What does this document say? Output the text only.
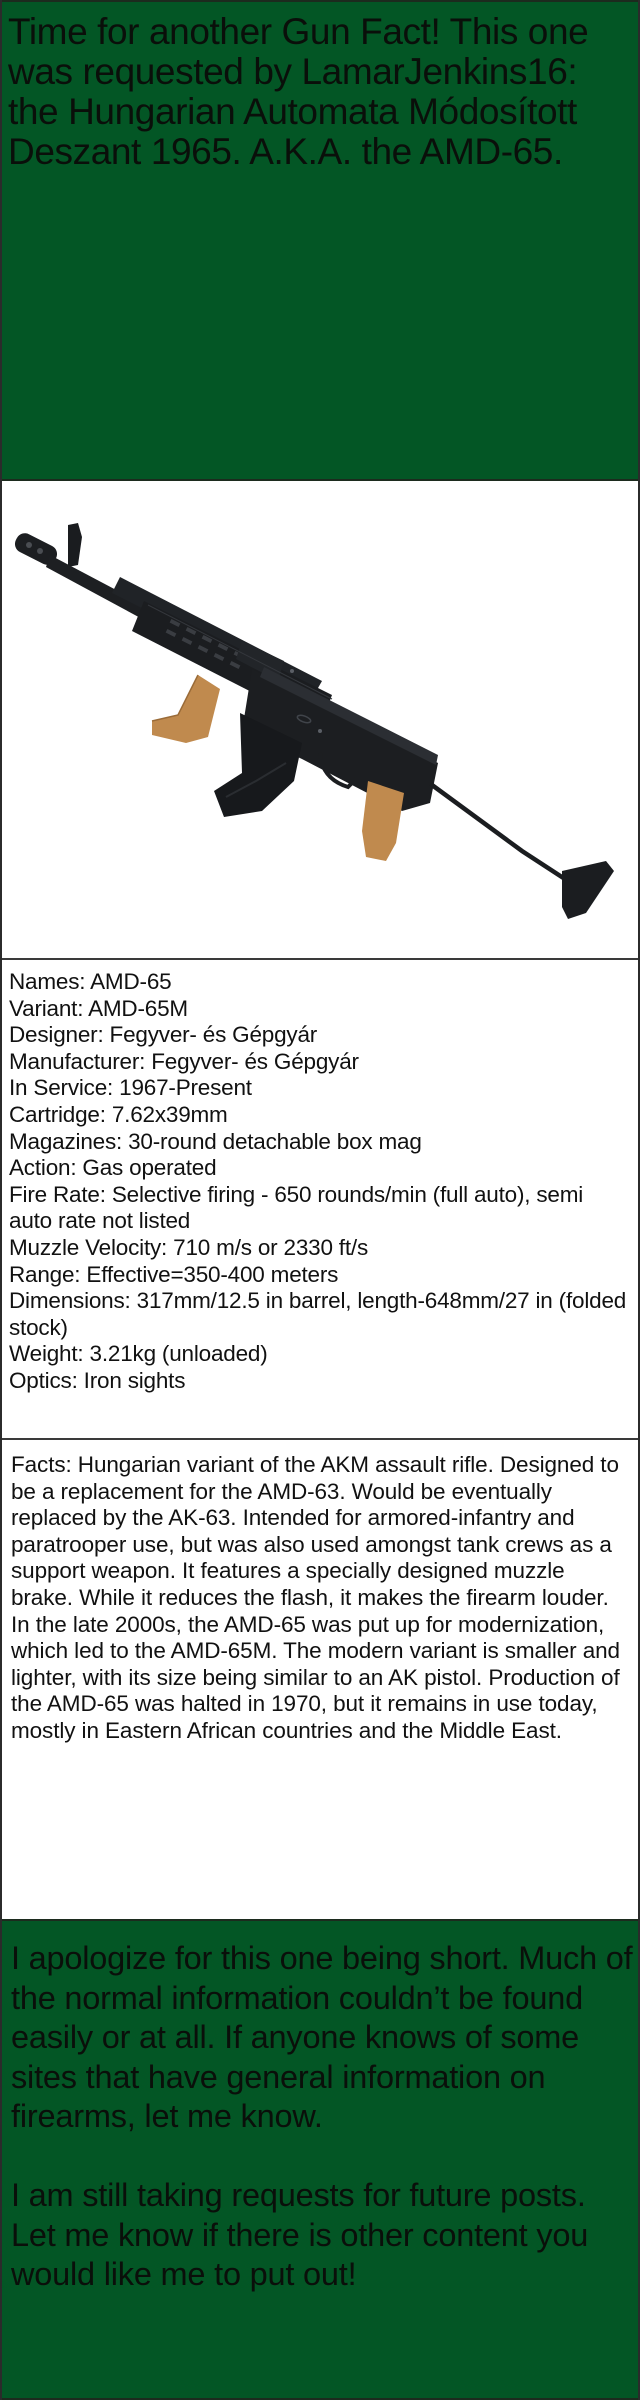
Time for another Gun Fact! This one was requested by LamarJenkins16: the Hungarian Automata Módosított Deszant 1965. A.K.A. the AMD-65.
Names: AMD-65
Variant: AMD-65M
Designer: Fegyver- és Gépgyár
Manufacturer: Fegyver- és Gépgyár
In Service: 1967-Present
Cartridge: 7.62x39mm
Magazines: 30-round detachable box mag
Action: Gas operated
Fire Rate: Selective firing - 650 rounds/min (full auto), semi auto rate not listed
Muzzle Velocity: 710 m/s or 2330 ft/s
Range: Effective=350-400 meters
Dimensions: 317mm/12.5 in barrel, length-648mm/27 in (folded stock)
Weight: 3.21kg (unloaded)
Optics: Iron sights
Facts: Hungarian variant of the AKM assault rifle. Designed to be a replacement for the AMD-63. Would be eventually replaced by the AK-63. Intended for armored-infantry and paratrooper use, but was also used amongst tank crews as a support weapon. It features a specially designed muzzle brake. While it reduces the flash, it makes the firearm louder. In the late 2000s, the AMD-65 was put up for modernization, which led to the AMD-65M. The modern variant is smaller and lighter, with its size being similar to an AK pistol. Production of the AMD-65 was halted in 1970, but it remains in use today, mostly in Eastern African countries and the Middle East.

I apologize for this one being short. Much of the normal information couldn’t be found easily or at all. If anyone knows of some sites that have general information on firearms, let me know.

I am still taking requests for future posts. Let me know if there is other content you would like me to put out!
